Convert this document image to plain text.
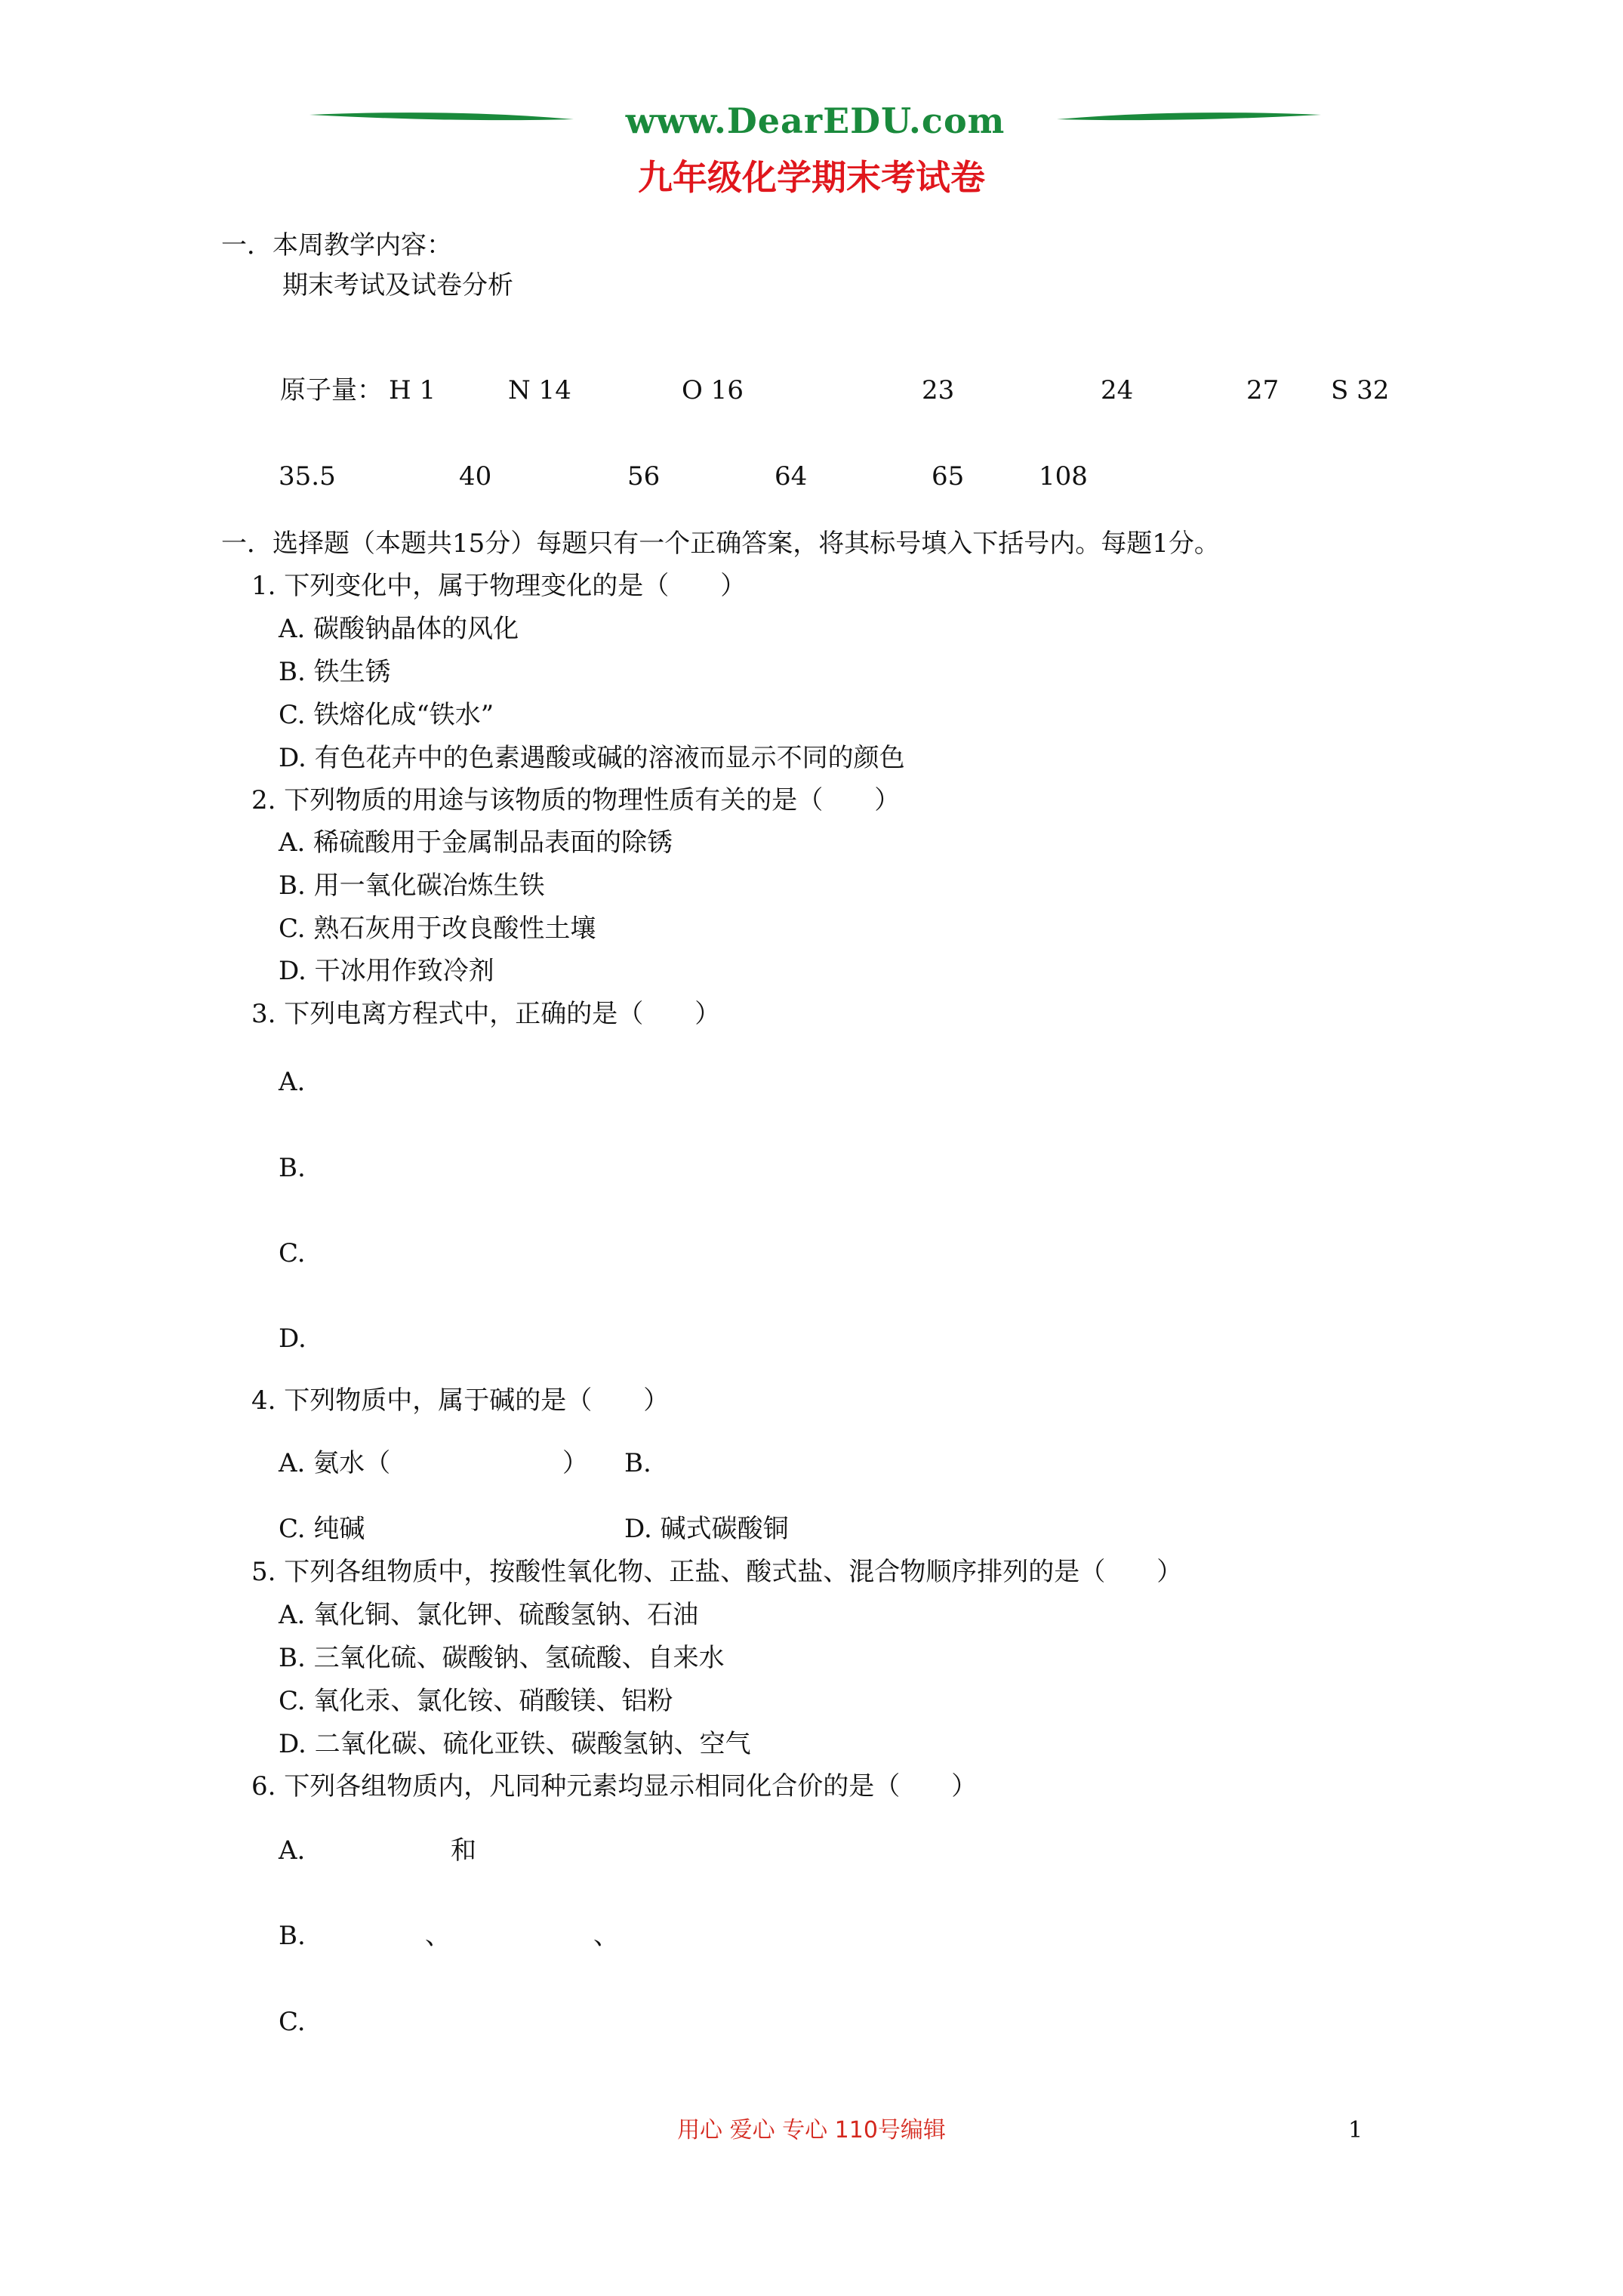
www.DearEDU.com
九年级化学期末考试卷
一．本周教学内容：
期末考试及试卷分析
原子量： H 1	N 14	O 16	23	24	27 S 32
35.5	40	56	64	65	108
一．选择题（本题共15分）每题只有一个正确答案，将其标号填入下括号内。每题1分。
1. 下列变化中，属于物理变化的是（　　）
A. 碳酸钠晶体的风化
B. 铁生锈
C. 铁熔化成“铁水”
D. 有色花卉中的色素遇酸或碱的溶液而显示不同的颜色
2. 下列物质的用途与该物质的物理性质有关的是（　　）
A. 稀硫酸用于金属制品表面的除锈
B. 用一氧化碳冶炼生铁
C. 熟石灰用于改良酸性土壤
D. 干冰用作致冷剂
3. 下列电离方程式中，正确的是（　　）
A.
B.
C.
D.
4. 下列物质中，属于碱的是（　　）
A. 氨水（	） B.
C. 纯碱	D. 碱式碳酸铜
5. 下列各组物质中，按酸性氧化物、正盐、酸式盐、混合物顺序排列的是（　　）
A. 氧化铜、氯化钾、硫酸氢钠、石油
B. 三氧化硫、碳酸钠、氢硫酸、自来水
C. 氧化汞、氯化铵、硝酸镁、铝粉
D. 二氧化碳、硫化亚铁、碳酸氢钠、空气
6. 下列各组物质内，凡同种元素均显示相同化合价的是（　　）
A.	和
B.	、	、
C.
用心 爱心 专心 110号编辑	1
